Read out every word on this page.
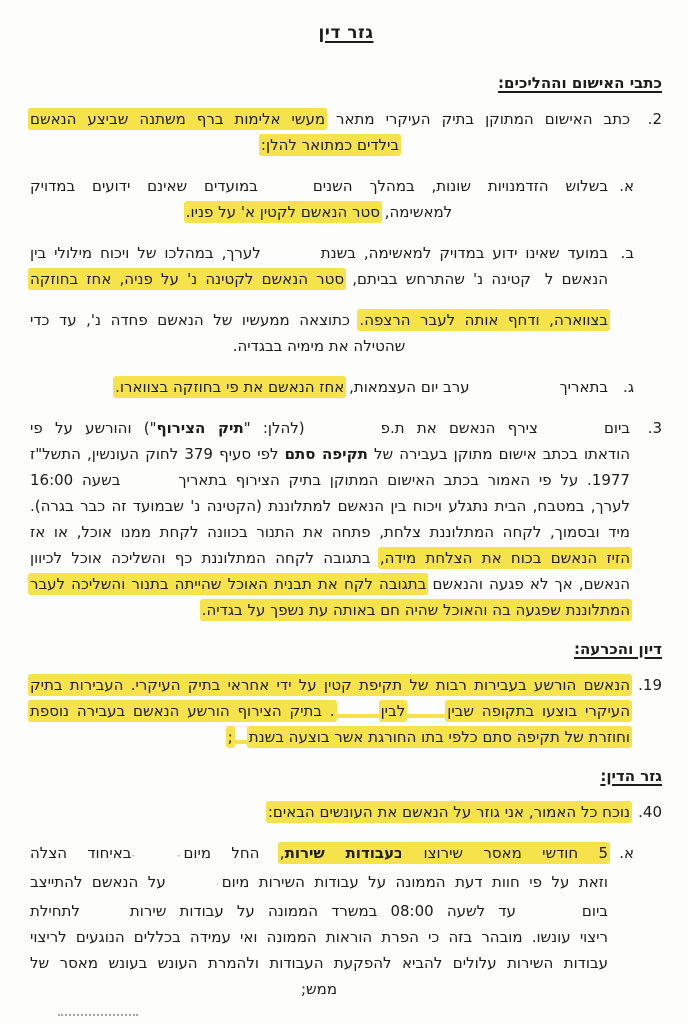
גזר דין
כתבי האישום וההליכים:
2.
כתב האישום המתוקן בתיק העיקרי מתאר מעשי אלימות ברף משתנה שביצע הנאשם
בילדים כמתואר להלן:
א.
בשלוש הזדמנויות שונות, במהלך השניםבמועדים שאינם ידועים במדויק
למאשימה, סטר הנאשם לקטין א' על פניו.
ב.
במועד שאינו ידוע במדויק למאשימה, בשנתלערך, במהלכו של ויכוח מילולי בין
הנאשם לקטינה נ' שהתרחש בביתם, סטר הנאשם לקטינה נ' על פניה, אחז בחוזקה
בצווארה, ודחף אותה לעבר הרצפה. כתוצאה ממעשיו של הנאשם פחדה נ', עד כדי
שהטילה את מימיה בבגדיה.
ג.
בתאריךערב יום העצמאות, אחז הנאשם את פי בחוזקה בצווארו.
3.
ביוםצירף הנאשם את ת.פ(להלן: "תיק הצירוף") והורשע על פי
הודאתו בכתב אישום מתוקן בעבירה של תקיפה סתם לפי סעיף 379 לחוק העונשין, התשל"ז
1977. על פי האמור בכתב האישום המתוקן בתיק הצירוף בתאריךבשעה 16:00
לערך, במטבח, הבית נתגלע ויכוח בין הנאשם למתלוננת (הקטינה נ' שבמועד זה כבר בגרה).
מיד ובסמוך, לקחה המתלוננת צלחת, פתחה את התנור בכוונה לקחת ממנו אוכל, או אז
הזיז הנאשם בכוח את הצלחת מידה, בתגובה לקחה המתלוננת כף והשליכה אוכל לכיוון
הנאשם, אך לא פגעה והנאשם בתגובה לקח את תבנית האוכל שהייתה בתנור והשליכה לעבר
המתלוננת שפגעה בה והאוכל שהיה חם באותה עת נשפך על בגדיה.
דיון והכרעה:
19.
הנאשם הורשע בעבירות רבות של תקיפת קטין על ידי אחראי בתיק העיקרי. העבירות בתיק
העיקרי בוצעו בתקופה שביןלבין. בתיק הצירוף הורשע הנאשם בעבירה נוספת
וחוזרת של תקיפה סתם כלפי בתו החורגת אשר בוצעה בשנת;
גזר הדין:
40.
נוכח כל האמור, אני גוזר על הנאשם את העונשים הבאים:
א.
5 חודשי מאסר שירוצו בעבודות שירות, החל מיום- -באיחוד הצלה
וזאת על פי חוות דעת הממונה על עבודות השירות מיום·על הנאשם להתייצב
ביוםעד לשעה 08:00 במשרד הממונה על עבודות שירותלתחילת
ריצוי עונשו. מובהר בזה כי הפרת הוראות הממונה ואי עמידה בכללים הנוגעים לריצוי
עבודות השירות עלולים להביא להפקעת העבודות ולהמרת העונש בעונש מאסר של
ממש;
